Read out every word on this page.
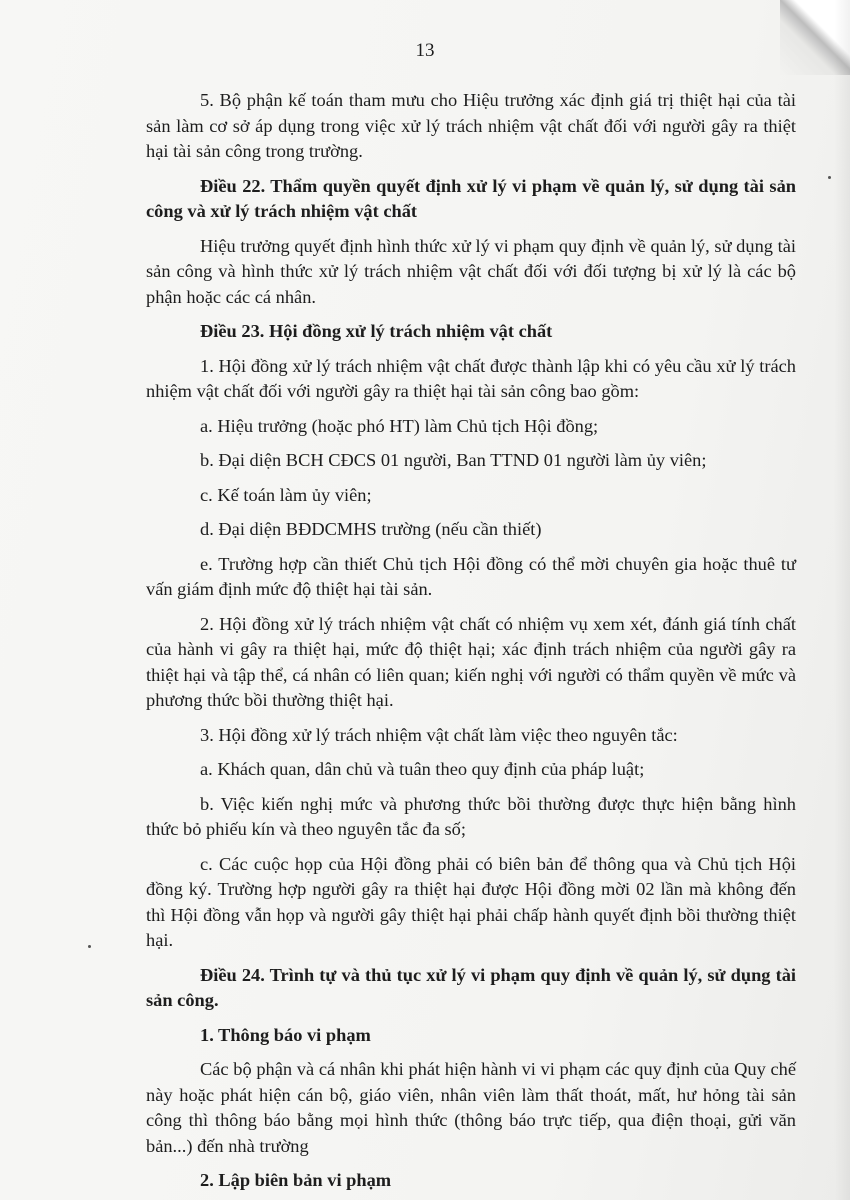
13

5. Bộ phận kế toán tham mưu cho Hiệu trưởng xác định giá trị thiệt hại của tài sản làm cơ sở áp dụng trong việc xử lý trách nhiệm vật chất đối với người gây ra thiệt hại tài sản công trong trường.

Điều 22. Thẩm quyền quyết định xử lý vi phạm về quản lý, sử dụng tài sản công và xử lý trách nhiệm vật chất

Hiệu trưởng quyết định hình thức xử lý vi phạm quy định về quản lý, sử dụng tài sản công và hình thức xử lý trách nhiệm vật chất đối với đối tượng bị xử lý là các bộ phận hoặc các cá nhân.

Điều 23. Hội đồng xử lý trách nhiệm vật chất

1. Hội đồng xử lý trách nhiệm vật chất được thành lập khi có yêu cầu xử lý trách nhiệm vật chất đối với người gây ra thiệt hại tài sản công bao gồm:

a. Hiệu trưởng (hoặc phó HT) làm Chủ tịch Hội đồng;

b. Đại diện BCH CĐCS 01 người, Ban TTND 01 người làm ủy viên;

c. Kế toán làm ủy viên;

d. Đại diện BĐDCMHS trường (nếu cần thiết)

e. Trường hợp cần thiết Chủ tịch Hội đồng có thể mời chuyên gia hoặc thuê tư vấn giám định mức độ thiệt hại tài sản.

2. Hội đồng xử lý trách nhiệm vật chất có nhiệm vụ xem xét, đánh giá tính chất của hành vi gây ra thiệt hại, mức độ thiệt hại; xác định trách nhiệm của người gây ra thiệt hại và tập thể, cá nhân có liên quan; kiến nghị với người có thẩm quyền về mức và phương thức bồi thường thiệt hại.

3. Hội đồng xử lý trách nhiệm vật chất làm việc theo nguyên tắc:

a. Khách quan, dân chủ và tuân theo quy định của pháp luật;

b. Việc kiến nghị mức và phương thức bồi thường được thực hiện bằng hình thức bỏ phiếu kín và theo nguyên tắc đa số;

c. Các cuộc họp của Hội đồng phải có biên bản để thông qua và Chủ tịch Hội đồng ký. Trường hợp người gây ra thiệt hại được Hội đồng mời 02 lần mà không đến thì Hội đồng vẫn họp và người gây thiệt hại phải chấp hành quyết định bồi thường thiệt hại.

Điều 24. Trình tự và thủ tục xử lý vi phạm quy định về quản lý, sử dụng tài sản công.

1. Thông báo vi phạm

Các bộ phận và cá nhân khi phát hiện hành vi vi phạm các quy định của Quy chế này hoặc phát hiện cán bộ, giáo viên, nhân viên làm thất thoát, mất, hư hỏng tài sản công thì thông báo bằng mọi hình thức (thông báo trực tiếp, qua điện thoại, gửi văn bản...) đến nhà trường

2. Lập biên bản vi phạm
